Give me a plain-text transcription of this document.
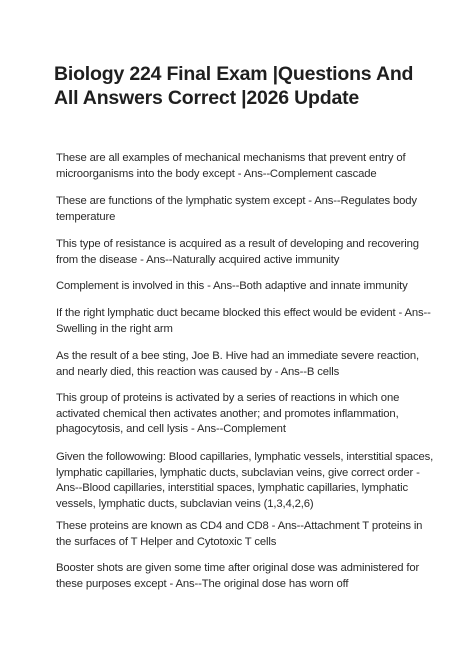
Biology 224 Final Exam |Questions And All Answers Correct |2026 Update

These are all examples of mechanical mechanisms that prevent entry of microorganisms into the body except - Ans--Complement cascade

These are functions of the lymphatic system except - Ans--Regulates body temperature

This type of resistance is acquired as a result of developing and recovering from the disease - Ans--Naturally acquired active immunity

Complement is involved in this - Ans--Both adaptive and innate immunity

If the right lymphatic duct became blocked this effect would be evident - Ans--Swelling in the right arm

As the result of a bee sting, Joe B. Hive had an immediate severe reaction, and nearly died, this reaction was caused by - Ans--B cells

This group of proteins is activated by a series of reactions in which one activated chemical then activates another; and promotes inflammation, phagocytosis, and cell lysis - Ans--Complement

Given the followowing: Blood capillaries, lymphatic vessels, interstitial spaces, lymphatic capillaries, lymphatic ducts, subclavian veins, give correct order - Ans--Blood capillaries, interstitial spaces, lymphatic capillaries, lymphatic vessels, lymphatic ducts, subclavian veins (1,3,4,2,6)

These proteins are known as CD4 and CD8 - Ans--Attachment T proteins in the surfaces of T Helper and Cytotoxic T cells

Booster shots are given some time after original dose was administered for these purposes except - Ans--The original dose has worn off
